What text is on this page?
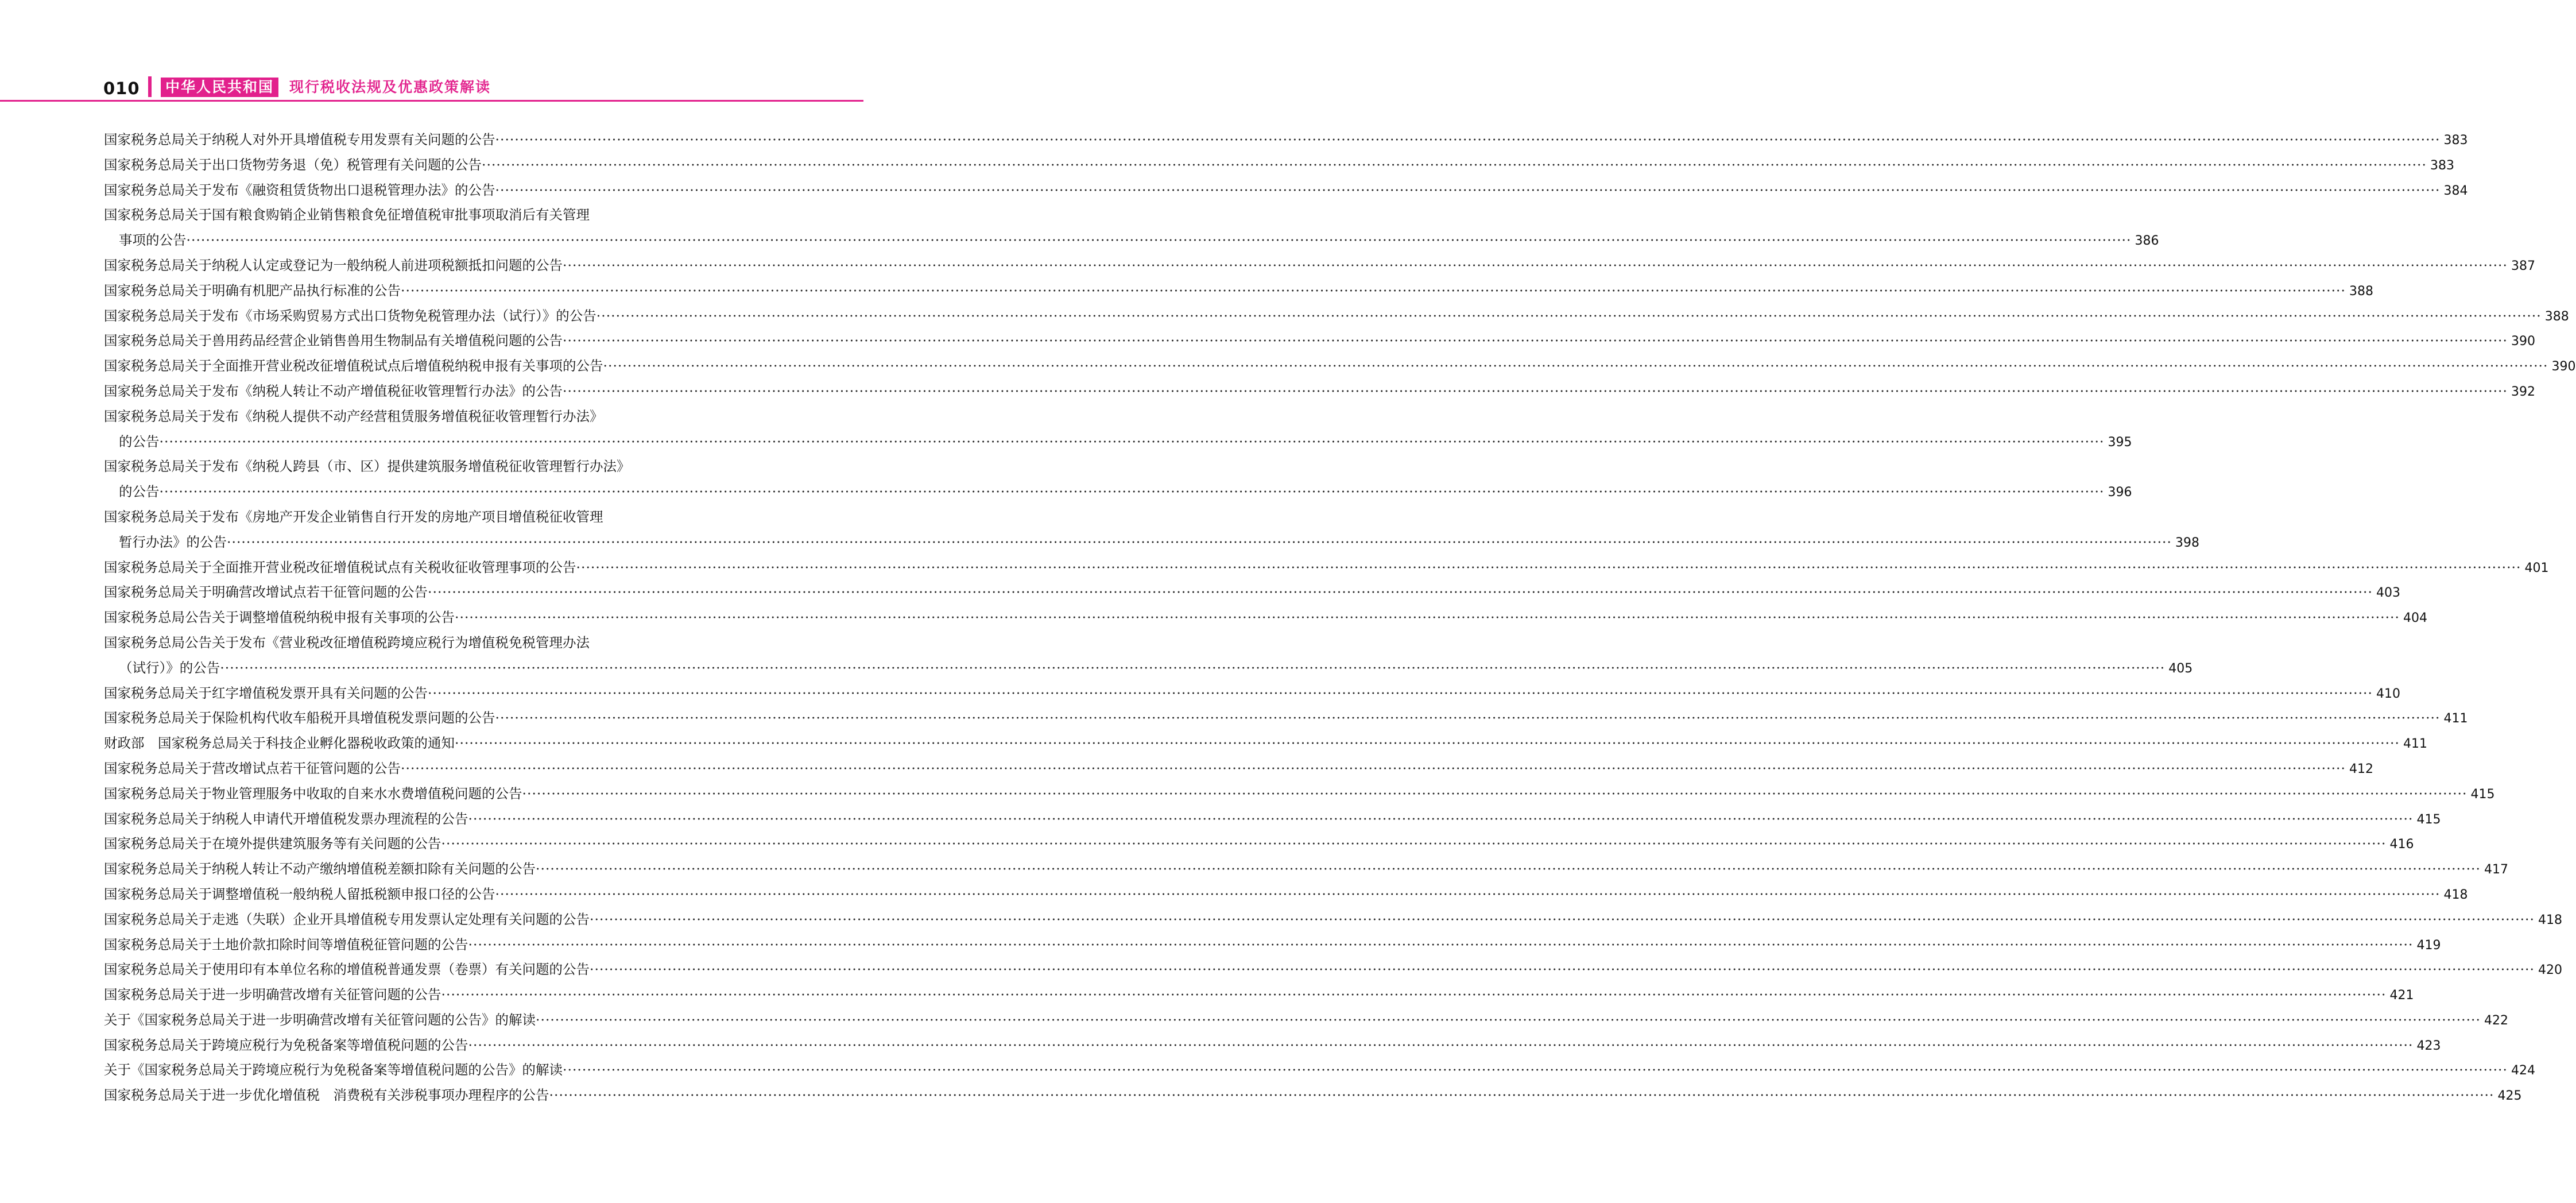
010	中华人民共和国	现行税收法规及优惠政策解读
国家税务总局关于纳税人对外开具增值税专用发票有关问题的公告 ················································································································································································································································································································································································································ 383
国家税务总局关于出口货物劳务退（免）税管理有关问题的公告 ················································································································································································································································································································································································································ 383
国家税务总局关于发布《融资租赁货物出口退税管理办法》的公告 ················································································································································································································································································································································································································ 384
国家税务总局关于国有粮食购销企业销售粮食免征增值税审批事项取消后有关管理
事项的公告 ················································································································································································································································································································································································································ 386
国家税务总局关于纳税人认定或登记为一般纳税人前进项税额抵扣问题的公告 ················································································································································································································································································································································································································ 387
国家税务总局关于明确有机肥产品执行标准的公告 ················································································································································································································································································································································································································ 388
国家税务总局关于发布《市场采购贸易方式出口货物免税管理办法（试行）》的公告 ················································································································································································································································································································································································································ 388
国家税务总局关于兽用药品经营企业销售兽用生物制品有关增值税问题的公告 ················································································································································································································································································································································································································ 390
国家税务总局关于全面推开营业税改征增值税试点后增值税纳税申报有关事项的公告 ················································································································································································································································································································································································································ 390
国家税务总局关于发布《纳税人转让不动产增值税征收管理暂行办法》的公告 ················································································································································································································································································································································································································ 392
国家税务总局关于发布《纳税人提供不动产经营租赁服务增值税征收管理暂行办法》
的公告 ················································································································································································································································································································································································································ 395
国家税务总局关于发布《纳税人跨县（市、区）提供建筑服务增值税征收管理暂行办法》
的公告 ················································································································································································································································································································································································································ 396
国家税务总局关于发布《房地产开发企业销售自行开发的房地产项目增值税征收管理
暂行办法》的公告 ················································································································································································································································································································································································································ 398
国家税务总局关于全面推开营业税改征增值税试点有关税收征收管理事项的公告 ················································································································································································································································································································································································································ 401
国家税务总局关于明确营改增试点若干征管问题的公告 ················································································································································································································································································································································································································ 403
国家税务总局公告关于调整增值税纳税申报有关事项的公告 ················································································································································································································································································································································································································ 404
国家税务总局公告关于发布《营业税改征增值税跨境应税行为增值税免税管理办法
（试行）》的公告 ················································································································································································································································································································································································································ 405
国家税务总局关于红字增值税发票开具有关问题的公告 ················································································································································································································································································································································································································ 410
国家税务总局关于保险机构代收车船税开具增值税发票问题的公告 ················································································································································································································································································································································································································ 411
财政部　国家税务总局关于科技企业孵化器税收政策的通知 ················································································································································································································································································································································································································ 411
国家税务总局关于营改增试点若干征管问题的公告 ················································································································································································································································································································································································································ 412
国家税务总局关于物业管理服务中收取的自来水水费增值税问题的公告 ················································································································································································································································································································································································································ 415
国家税务总局关于纳税人申请代开增值税发票办理流程的公告 ················································································································································································································································································································································································································ 415
国家税务总局关于在境外提供建筑服务等有关问题的公告 ················································································································································································································································································································································································································ 416
国家税务总局关于纳税人转让不动产缴纳增值税差额扣除有关问题的公告 ················································································································································································································································································································································································································ 417
国家税务总局关于调整增值税一般纳税人留抵税额申报口径的公告 ················································································································································································································································································································································································································ 418
国家税务总局关于走逃（失联）企业开具增值税专用发票认定处理有关问题的公告 ················································································································································································································································································································································································································ 418
国家税务总局关于土地价款扣除时间等增值税征管问题的公告 ················································································································································································································································································································································································································ 419
国家税务总局关于使用印有本单位名称的增值税普通发票（卷票）有关问题的公告 ················································································································································································································································································································································································································ 420
国家税务总局关于进一步明确营改增有关征管问题的公告 ················································································································································································································································································································································································································ 421
关于《国家税务总局关于进一步明确营改增有关征管问题的公告》的解读 ················································································································································································································································································································································································································ 422
国家税务总局关于跨境应税行为免税备案等增值税问题的公告 ················································································································································································································································································································································································································ 423
关于《国家税务总局关于跨境应税行为免税备案等增值税问题的公告》的解读 ················································································································································································································································································································································································································ 424
国家税务总局关于进一步优化增值税　消费税有关涉税事项办理程序的公告 ················································································································································································································································································································································································································ 425
